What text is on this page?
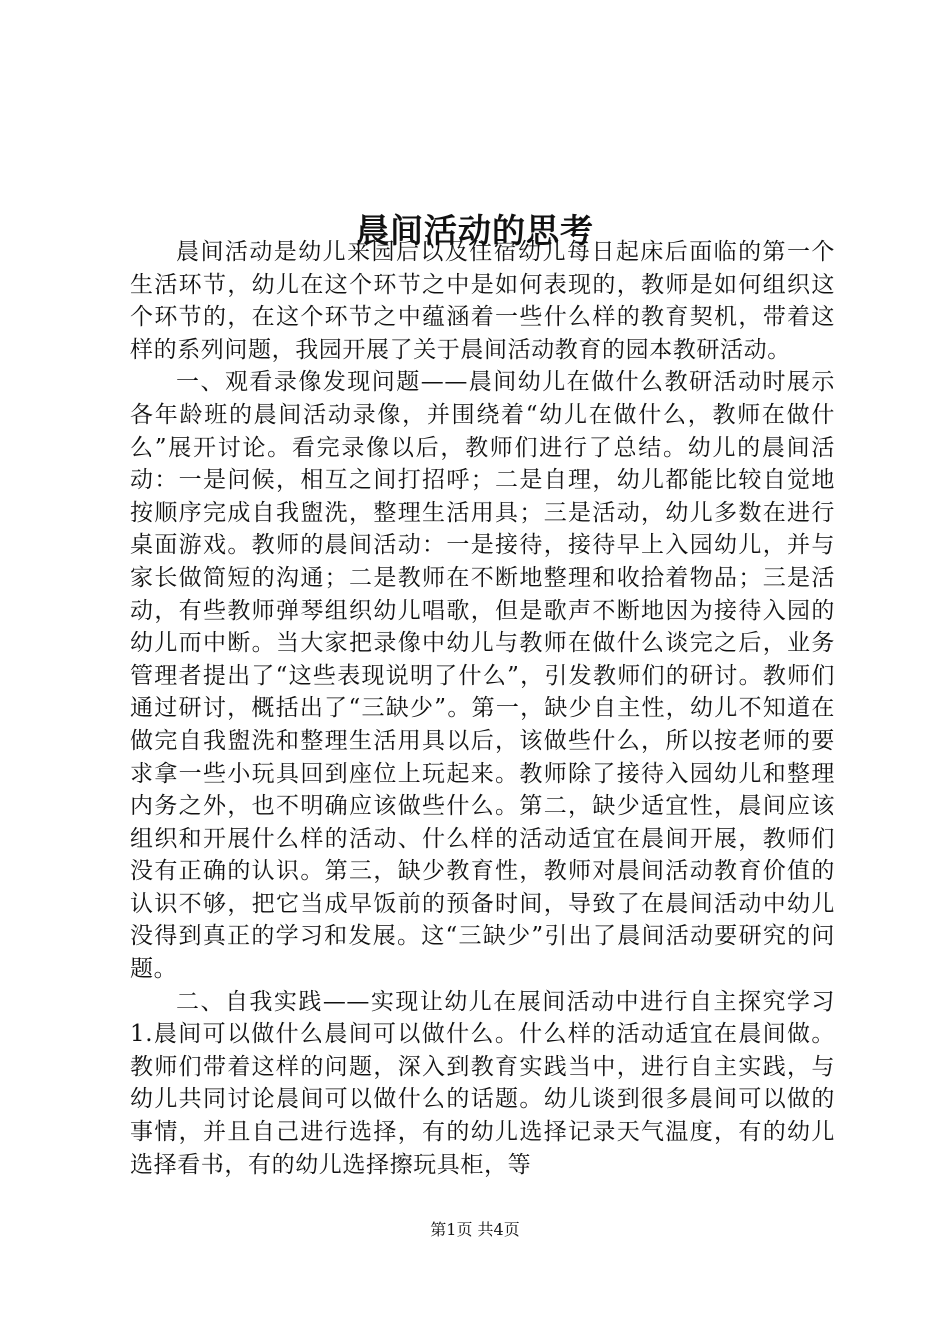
晨间活动的思考

晨间活动是幼儿来园后以及住宿幼儿每日起床后面临的第一个生活环节，幼儿在这个环节之中是如何表现的，教师是如何组织这个环节的，在这个环节之中蕴涵着一些什么样的教育契机，带着这样的系列问题，我园开展了关于晨间活动教育的园本教研活动。

一、观看录像发现问题——晨间幼儿在做什么教研活动时展示各年龄班的晨间活动录像，并围绕着“幼儿在做什么，教师在做什么”展开讨论。看完录像以后，教师们进行了总结。幼儿的晨间活动：一是问候，相互之间打招呼；二是自理，幼儿都能比较自觉地按顺序完成自我盥洗，整理生活用具；三是活动，幼儿多数在进行桌面游戏。教师的晨间活动：一是接待，接待早上入园幼儿，并与家长做简短的沟通；二是教师在不断地整理和收拾着物品；三是活动，有些教师弹琴组织幼儿唱歌，但是歌声不断地因为接待入园的幼儿而中断。当大家把录像中幼儿与教师在做什么谈完之后，业务管理者提出了“这些表现说明了什么”，引发教师们的研讨。教师们通过研讨，概括出了“三缺少”。第一，缺少自主性，幼儿不知道在做完自我盥洗和整理生活用具以后，该做些什么，所以按老师的要求拿一些小玩具回到座位上玩起来。教师除了接待入园幼儿和整理内务之外，也不明确应该做些什么。第二，缺少适宜性，晨间应该组织和开展什么样的活动、什么样的活动适宜在晨间开展，教师们没有正确的认识。第三，缺少教育性，教师对晨间活动教育价值的认识不够，把它当成早饭前的预备时间，导致了在晨间活动中幼儿没得到真正的学习和发展。这“三缺少”引出了晨间活动要研究的问题。

二、自我实践——实现让幼儿在展间活动中进行自主探究学习1.晨间可以做什么晨间可以做什么。什么样的活动适宜在晨间做。教师们带着这样的问题，深入到教育实践当中，进行自主实践，与幼儿共同讨论晨间可以做什么的话题。幼儿谈到很多晨间可以做的事情，并且自己进行选择，有的幼儿选择记录天气温度，有的幼儿选择看书，有的幼儿选择擦玩具柜，等

第1页 共4页
